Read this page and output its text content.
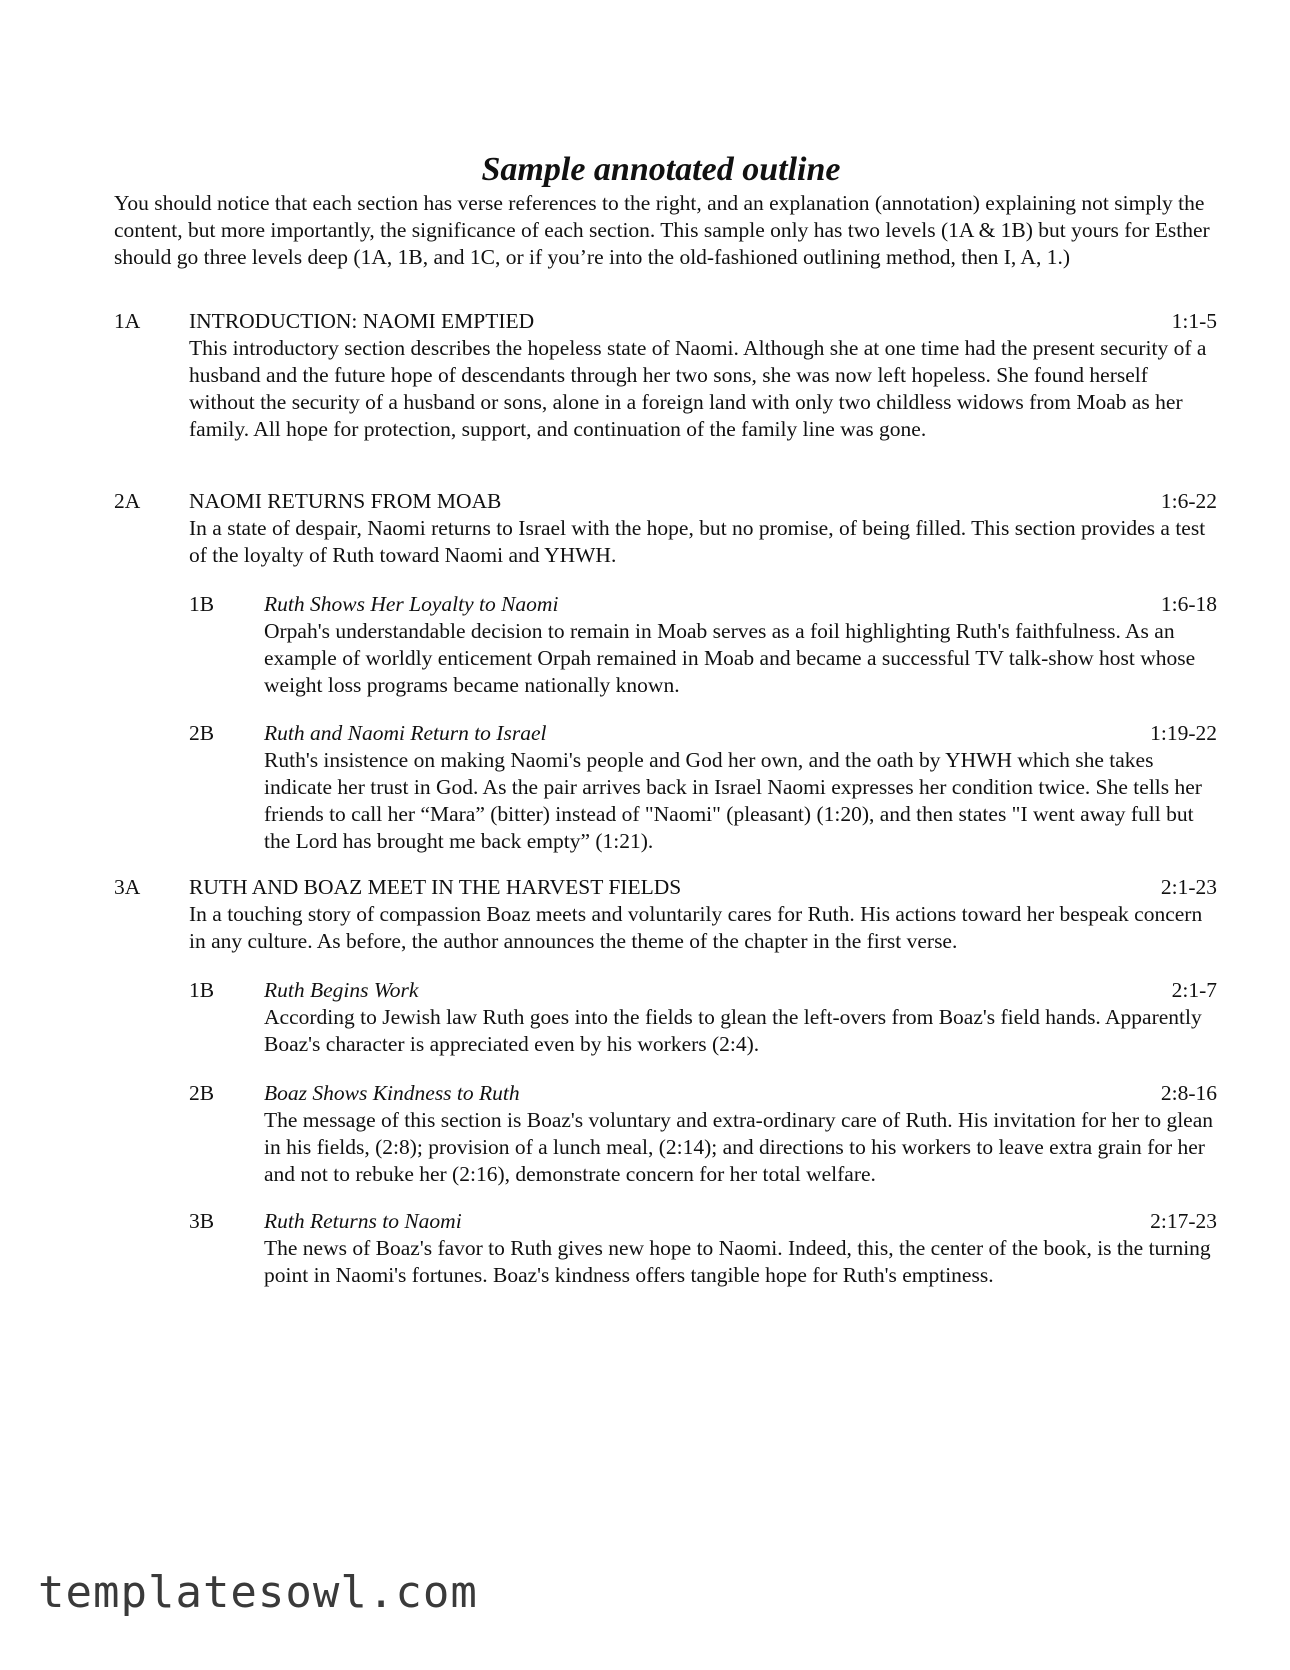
Sample annotated outline

You should notice that each section has verse references to the right, and an explanation (annotation) explaining not simply the content, but more importantly, the significance of each section. This sample only has two levels (1A & 1B) but yours for Esther should go three levels deep (1A, 1B, and 1C, or if you’re into the old-fashioned outlining method, then I, A, 1.)

1A INTRODUCTION: NAOMI EMPTIED	1:1-5

This introductory section describes the hopeless state of Naomi. Although she at one time had the present security of a husband and the future hope of descendants through her two sons, she was now left hopeless. She found herself without the security of a husband or sons, alone in a foreign land with only two childless widows from Moab as her family. All hope for protection, support, and continuation of the family line was gone.

2A NAOMI RETURNS FROM MOAB	1:6-22

In a state of despair, Naomi returns to Israel with the hope, but no promise, of being filled. This section provides a test of the loyalty of Ruth toward Naomi and YHWH.

1B Ruth Shows Her Loyalty to Naomi	1:6-18

Orpah's understandable decision to remain in Moab serves as a foil highlighting Ruth's faithfulness. As an example of worldly enticement Orpah remained in Moab and became a successful TV talk-show host whose weight loss programs became nationally known.

2B Ruth and Naomi Return to Israel	1:19-22

Ruth's insistence on making Naomi's people and God her own, and the oath by YHWH which she takes indicate her trust in God. As the pair arrives back in Israel Naomi expresses her condition twice. She tells her friends to call her “Mara” (bitter) instead of "Naomi" (pleasant) (1:20), and then states "I went away full but the Lord has brought me back empty” (1:21).

3A RUTH AND BOAZ MEET IN THE HARVEST FIELDS	2:1-23

In a touching story of compassion Boaz meets and voluntarily cares for Ruth. His actions toward her bespeak concern in any culture. As before, the author announces the theme of the chapter in the first verse.

1B Ruth Begins Work	2:1-7

According to Jewish law Ruth goes into the fields to glean the left-overs from Boaz's field hands. Apparently Boaz's character is appreciated even by his workers (2:4).

2B Boaz Shows Kindness to Ruth	2:8-16

The message of this section is Boaz's voluntary and extra-ordinary care of Ruth. His invitation for her to glean in his fields, (2:8); provision of a lunch meal, (2:14); and directions to his workers to leave extra grain for her and not to rebuke her (2:16), demonstrate concern for her total welfare.

3B Ruth Returns to Naomi	2:17-23

The news of Boaz's favor to Ruth gives new hope to Naomi. Indeed, this, the center of the book, is the turning point in Naomi's fortunes. Boaz's kindness offers tangible hope for Ruth's emptiness.

templatesowl.com
